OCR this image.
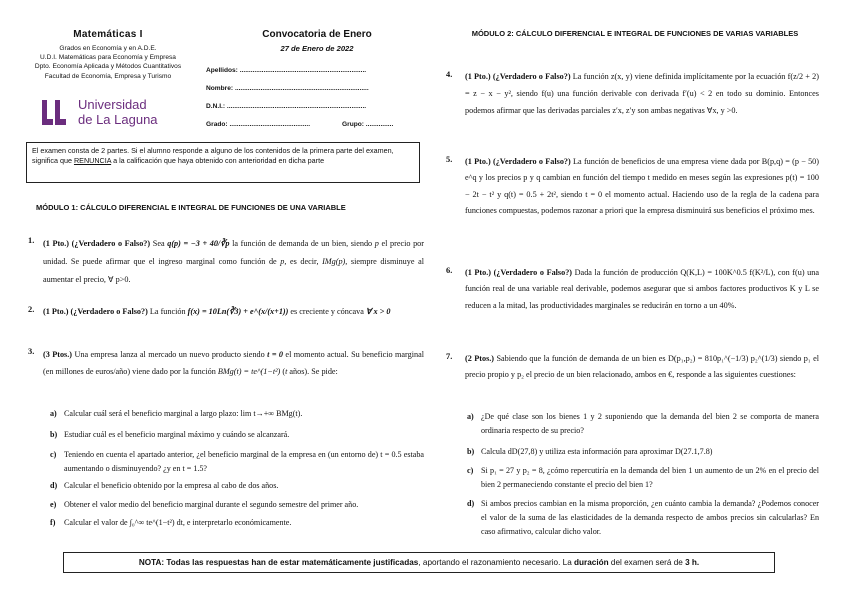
Matemáticas I
Grados en Economía y en A.D.E.
U.D.I. Matemáticas para Economía y Empresa
Dpto. Economía Aplicada y Métodos Cuantitativos
Facultad de Economía, Empresa y Turismo
Universidad
de La Laguna
Convocatoria de Enero
27 de Enero de 2022
Apellidos: .....................................................................
Nombre: .........................................................................
D.N.I.: ............................................................................
Grado: ............................................	Grupo: ...............
El examen consta de 2 partes. Si el alumno responde a alguno de los contenidos de la primera parte del examen, significa que RENUNCIA a la calificación que haya obtenido con anterioridad en dicha parte
MÓDULO 1: CÁLCULO DIFERENCIAL E INTEGRAL DE FUNCIONES DE UNA VARIABLE
1. (1 Pto.) (¿Verdadero o Falso?) Sea q(p) = −3 + 40/∛p la función de demanda de un bien, siendo p el precio por unidad. Se puede afirmar que el ingreso marginal como función de p, es decir, IMg(p), siempre disminuye al aumentar el precio, ∀ p>0.
2. (1 Pto.) (¿Verdadero o Falso?) La función f(x) = 10Ln(∛3) + e^(x/(x+1)) es creciente y cóncava ∀ x > 0
3. (3 Ptos.) Una empresa lanza al mercado un nuevo producto siendo t = 0 el momento actual. Su beneficio marginal (en millones de euros/año) viene dado por la función BMg(t) = te^(1−t²) (t años). Se pide:
a) Calcular cuál será el beneficio marginal a largo plazo: lim t→+∞ BMg(t).
b) Estudiar cuál es el beneficio marginal máximo y cuándo se alcanzará.
c) Teniendo en cuenta el apartado anterior, ¿el beneficio marginal de la empresa en (un entorno de) t = 0.5 estaba aumentando o disminuyendo? ¿y en t = 1.5?
d) Calcular el beneficio obtenido por la empresa al cabo de dos años.
e) Obtener el valor medio del beneficio marginal durante el segundo semestre del primer año.
f) Calcular el valor de ∫₀^∞ te^(1−t²) dt, e interpretarlo económicamente.
MÓDULO 2: CÁLCULO DIFERENCIAL E INTEGRAL DE FUNCIONES DE VARIAS VARIABLES
4. (1 Pto.) (¿Verdadero o Falso?) La función z(x, y) viene definida implícitamente por la ecuación f(z/2 + 2) = z − x − y², siendo f(u) una función derivable con derivada f′(u) < 2 en todo su dominio. Entonces podemos afirmar que las derivadas parciales z′x, z′y son ambas negativas ∀x, y >0.
5. (1 Pto.) (¿Verdadero o Falso?) La función de beneficios de una empresa viene dada por B(p,q) = (p − 50) e^q y los precios p y q cambian en función del tiempo t medido en meses según las expresiones p(t) = 100 − 2t − t² y q(t) = 0.5 + 2t², siendo t = 0 el momento actual. Haciendo uso de la regla de la cadena para funciones compuestas, podemos razonar a priori que la empresa disminuirá sus beneficios el próximo mes.
6. (1 Pto.) (¿Verdadero o Falso?) Dada la función de producción Q(K,L) = 100K^0.5 f(K²/L), con f(u) una función real de una variable real derivable, podemos asegurar que si ambos factores productivos K y L se reducen a la mitad, las productividades marginales se reducirán en torno a un 40%.
7. (2 Ptos.) Sabiendo que la función de demanda de un bien es D(p₁,p₂) = 810p₁^(−1/3) p₂^(1/3) siendo p₁ el precio propio y p₂ el precio de un bien relacionado, ambos en €, responde a las siguientes cuestiones:
a) ¿De qué clase son los bienes 1 y 2 suponiendo que la demanda del bien 2 se comporta de manera ordinaria respecto de su precio?
b) Calcula dD(27,8) y utiliza esta información para aproximar D(27.1,7.8)
c) Si p₁ = 27 y p₂ = 8, ¿cómo repercutiría en la demanda del bien 1 un aumento de un 2% en el precio del bien 2 permaneciendo constante el precio del bien 1?
d) Si ambos precios cambian en la misma proporción, ¿en cuánto cambia la demanda? ¿Podemos conocer el valor de la suma de las elasticidades de la demanda respecto de ambos precios sin calcularlas? En caso afirmativo, calcular dicho valor.
NOTA: Todas las respuestas han de estar matemáticamente justificadas, aportando el razonamiento necesario. La duración del examen será de 3 h.
